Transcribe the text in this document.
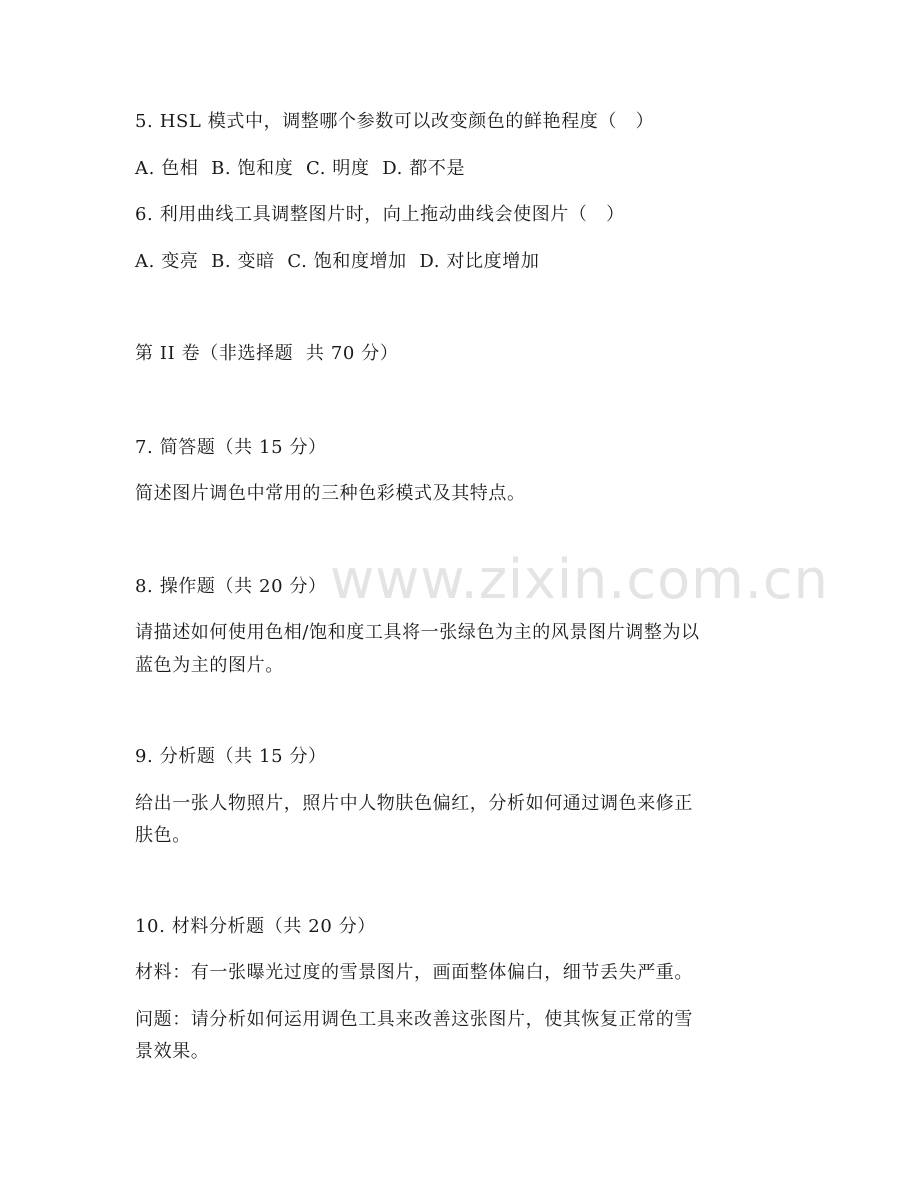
www.zixin.com.cn
5. HSL 模式中，调整哪个参数可以改变颜色的鲜艳程度（　）
A. 色相  B. 饱和度  C. 明度  D. 都不是
6. 利用曲线工具调整图片时，向上拖动曲线会使图片（　）
A. 变亮  B. 变暗  C. 饱和度增加  D. 对比度增加
第 II 卷（非选择题  共 70 分）
7. 简答题（共 15 分）
简述图片调色中常用的三种色彩模式及其特点。
8. 操作题（共 20 分）
请描述如何使用色相/饱和度工具将一张绿色为主的风景图片调整为以
蓝色为主的图片。
9. 分析题（共 15 分）
给出一张人物照片，照片中人物肤色偏红，分析如何通过调色来修正
肤色。
10. 材料分析题（共 20 分）
材料：有一张曝光过度的雪景图片，画面整体偏白，细节丢失严重。
问题：请分析如何运用调色工具来改善这张图片，使其恢复正常的雪
景效果。
